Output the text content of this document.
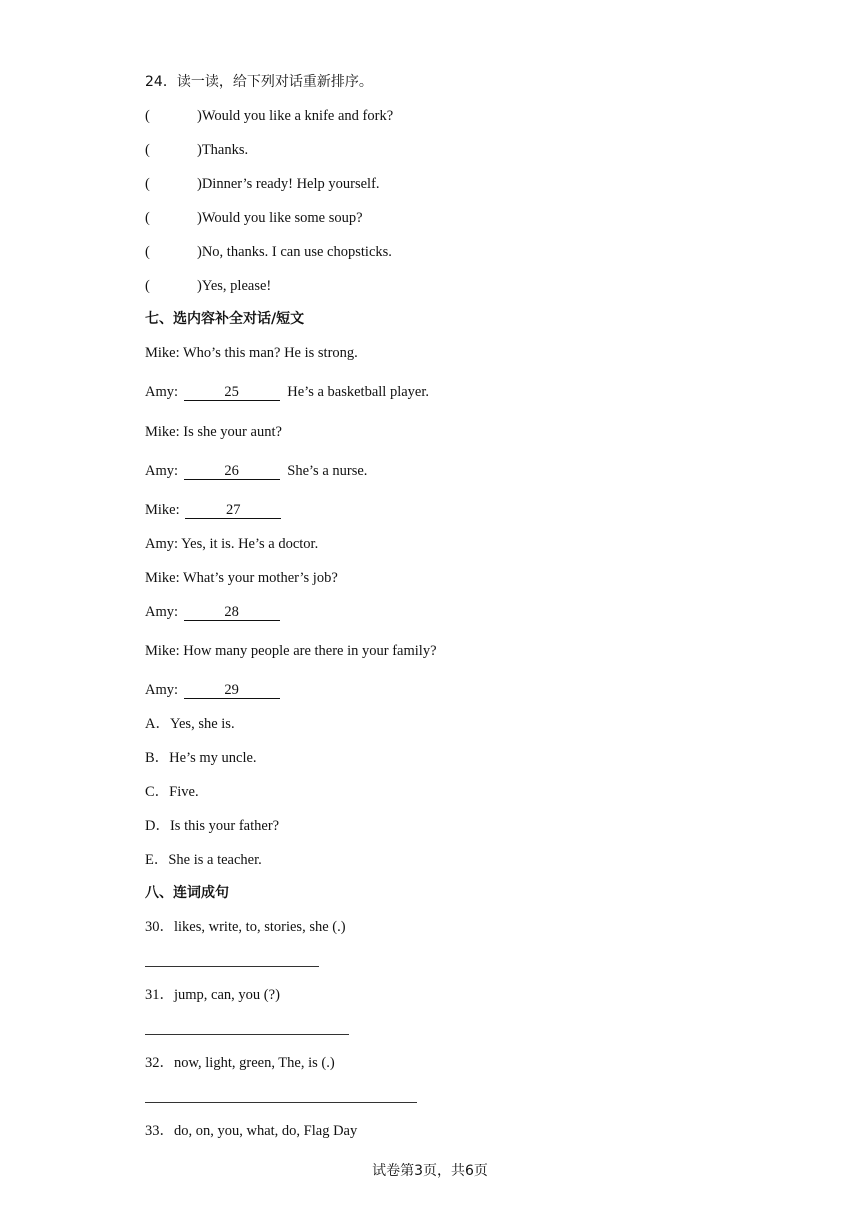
24．读一读，给下列对话重新排序。
(	)Would you like a knife and fork?
(	)Thanks.
(	)Dinner’s ready! Help yourself.
(	)Would you like some soup?
(	)No, thanks. I can use chopsticks.
(	)Yes, please!
七、选内容补全对话/短文
Mike: Who’s this man? He is strong.
Amy:	25	He’s a basketball player.
Mike: Is she your aunt?
Amy:	26	She’s a nurse.
Mike:	27
Amy: Yes, it is. He’s a doctor.
Mike: What’s your mother’s job?
Amy:	28
Mike: How many people are there in your family?
Amy:	29
A．Yes, she is.
B．He’s my uncle.
C．Five.
D．Is this your father?
E．She is a teacher.
八、连词成句
30．likes, write, to, stories, she (.)
31．jump, can, you (?)
32．now, light, green, The, is (.)
33．do, on, you, what, do, Flag Day
试卷第3页，共6页
